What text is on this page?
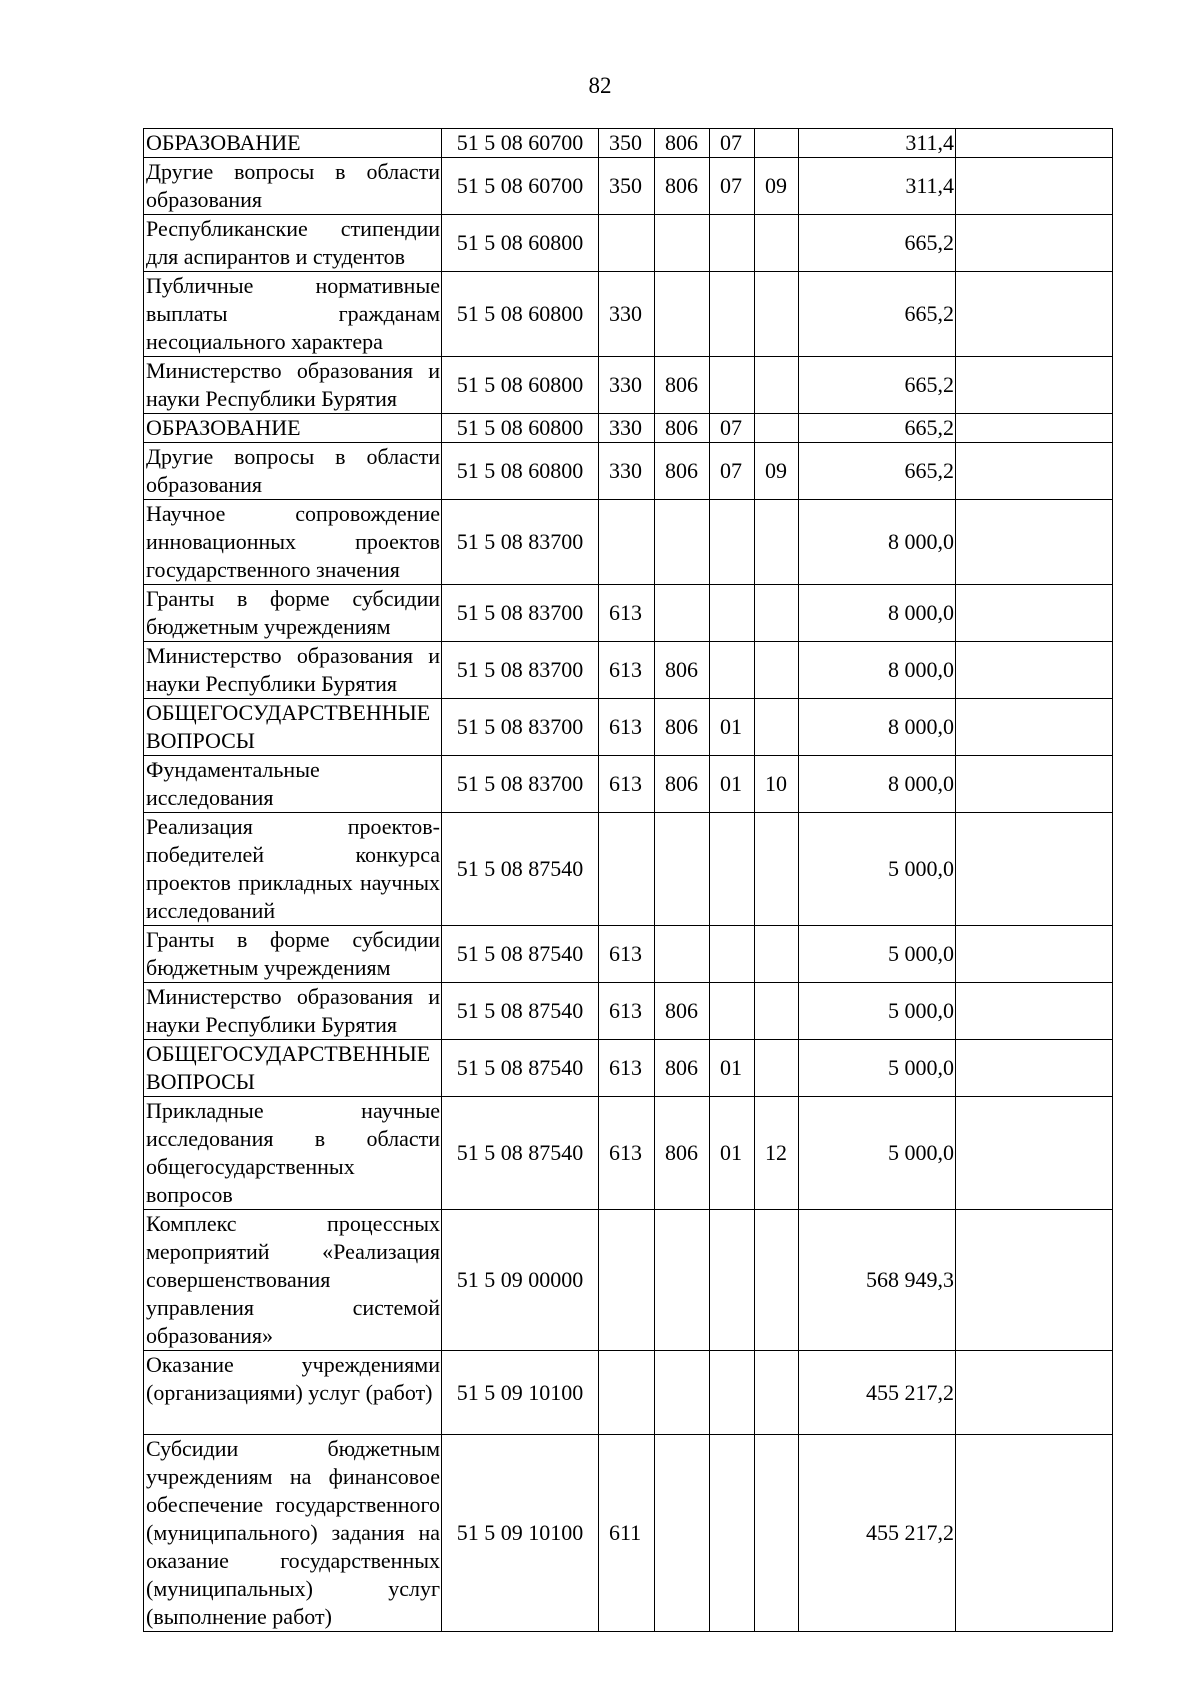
82
ОБРАЗОВАНИЕ	51 5 08 60700	350	806	07		311,4	
Другие вопросы в области образования	51 5 08 60700	350	806	07	09	311,4	
Республиканские стипендии для аспирантов и студентов	51 5 08 60800					665,2	
Публичные нормативные выплаты гражданам несоциального характера	51 5 08 60800	330				665,2	
Министерство образования и науки Республики Бурятия	51 5 08 60800	330	806			665,2	
ОБРАЗОВАНИЕ	51 5 08 60800	330	806	07		665,2	
Другие вопросы в области образования	51 5 08 60800	330	806	07	09	665,2	
Научное сопровождение инновационных проектов государственного значения	51 5 08 83700					8 000,0	
Гранты в форме субсидии бюджетным учреждениям	51 5 08 83700	613				8 000,0	
Министерство образования и науки Республики Бурятия	51 5 08 83700	613	806			8 000,0	
ОБЩЕГОСУДАРСТВЕННЫЕ ВОПРОСЫ	51 5 08 83700	613	806	01		8 000,0	
Фундаментальные исследования	51 5 08 83700	613	806	01	10	8 000,0	
Реализация проектов-победителей конкурса проектов прикладных научных исследований	51 5 08 87540					5 000,0	
Гранты в форме субсидии бюджетным учреждениям	51 5 08 87540	613				5 000,0	
Министерство образования и науки Республики Бурятия	51 5 08 87540	613	806			5 000,0	
ОБЩЕГОСУДАРСТВЕННЫЕ ВОПРОСЫ	51 5 08 87540	613	806	01		5 000,0	
Прикладные научные исследования в области общегосударственных вопросов	51 5 08 87540	613	806	01	12	5 000,0	
Комплекс процессных мероприятий «Реализация совершенствования управления системой образования»	51 5 09 00000					568 949,3	
Оказание учреждениями (организациями) услуг (работ)	51 5 09 10100					455 217,2	
Субсидии бюджетным учреждениям на финансовое обеспечение государственного (муниципального) задания на оказание государственных (муниципальных) услуг (выполнение работ)	51 5 09 10100	611				455 217,2	
